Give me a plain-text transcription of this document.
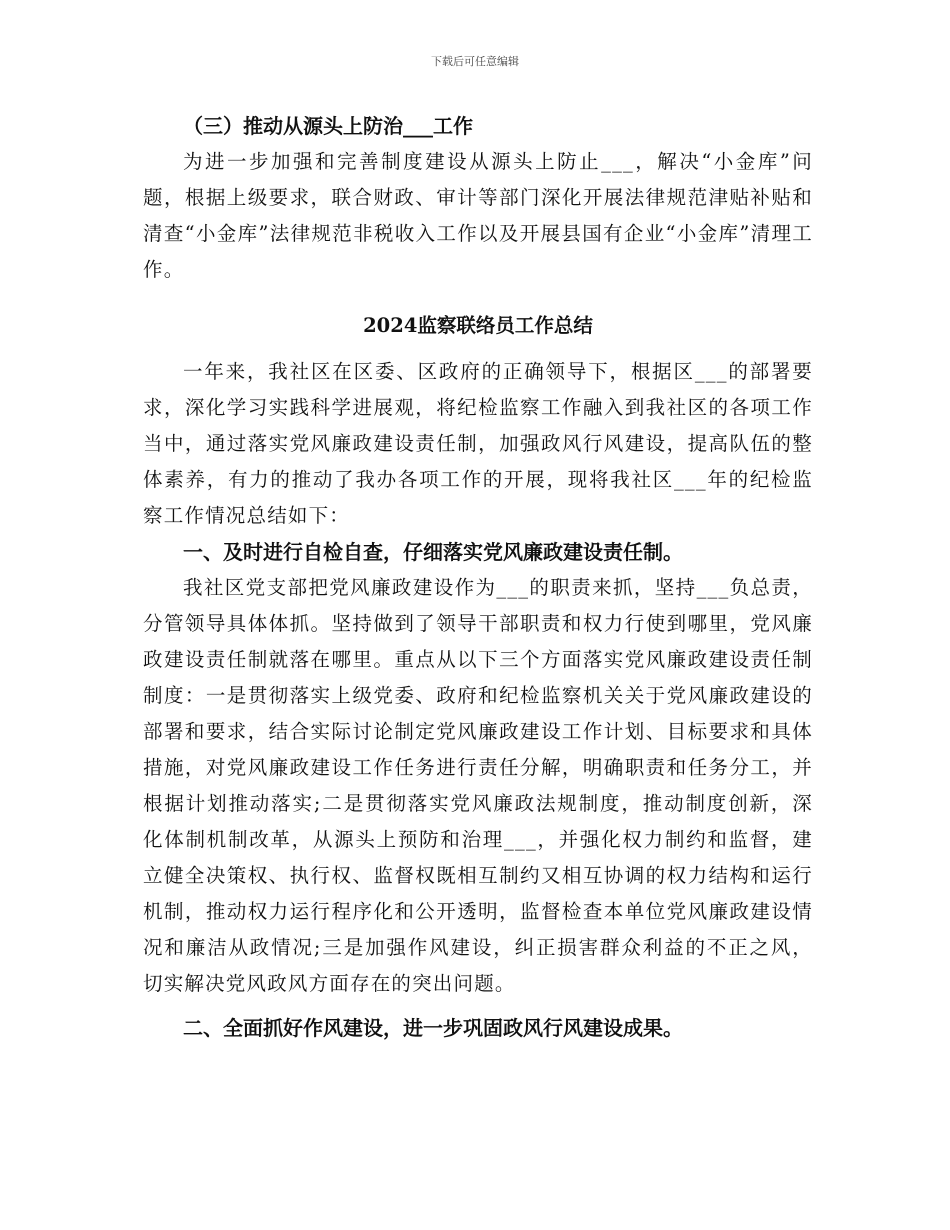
下载后可任意编辑

（三）推动从源头上防治___工作

为进一步加强和完善制度建设从源头上防止___，解决“小金库”问题，根据上级要求，联合财政、审计等部门深化开展法律规范津贴补贴和清查“小金库”法律规范非税收入工作以及开展县国有企业“小金库”清理工作。

2024监察联络员工作总结

一年来，我社区在区委、区政府的正确领导下，根据区___的部署要求，深化学习实践科学进展观，将纪检监察工作融入到我社区的各项工作当中，通过落实党风廉政建设责任制，加强政风行风建设，提高队伍的整体素养，有力的推动了我办各项工作的开展，现将我社区___年的纪检监察工作情况总结如下：

一、及时进行自检自查，仔细落实党风廉政建设责任制。

我社区党支部把党风廉政建设作为___的职责来抓，坚持___负总责，分管领导具体体抓。坚持做到了领导干部职责和权力行使到哪里，党风廉政建设责任制就落在哪里。重点从以下三个方面落实党风廉政建设责任制制度：一是贯彻落实上级党委、政府和纪检监察机关关于党风廉政建设的部署和要求，结合实际讨论制定党风廉政建设工作计划、目标要求和具体措施，对党风廉政建设工作任务进行责任分解，明确职责和任务分工，并根据计划推动落实;二是贯彻落实党风廉政法规制度，推动制度创新，深化体制机制改革，从源头上预防和治理___，并强化权力制约和监督，建立健全决策权、执行权、监督权既相互制约又相互协调的权力结构和运行机制，推动权力运行程序化和公开透明，监督检查本单位党风廉政建设情况和廉洁从政情况;三是加强作风建设，纠正损害群众利益的不正之风，切实解决党风政风方面存在的突出问题。

二、全面抓好作风建设，进一步巩固政风行风建设成果。
